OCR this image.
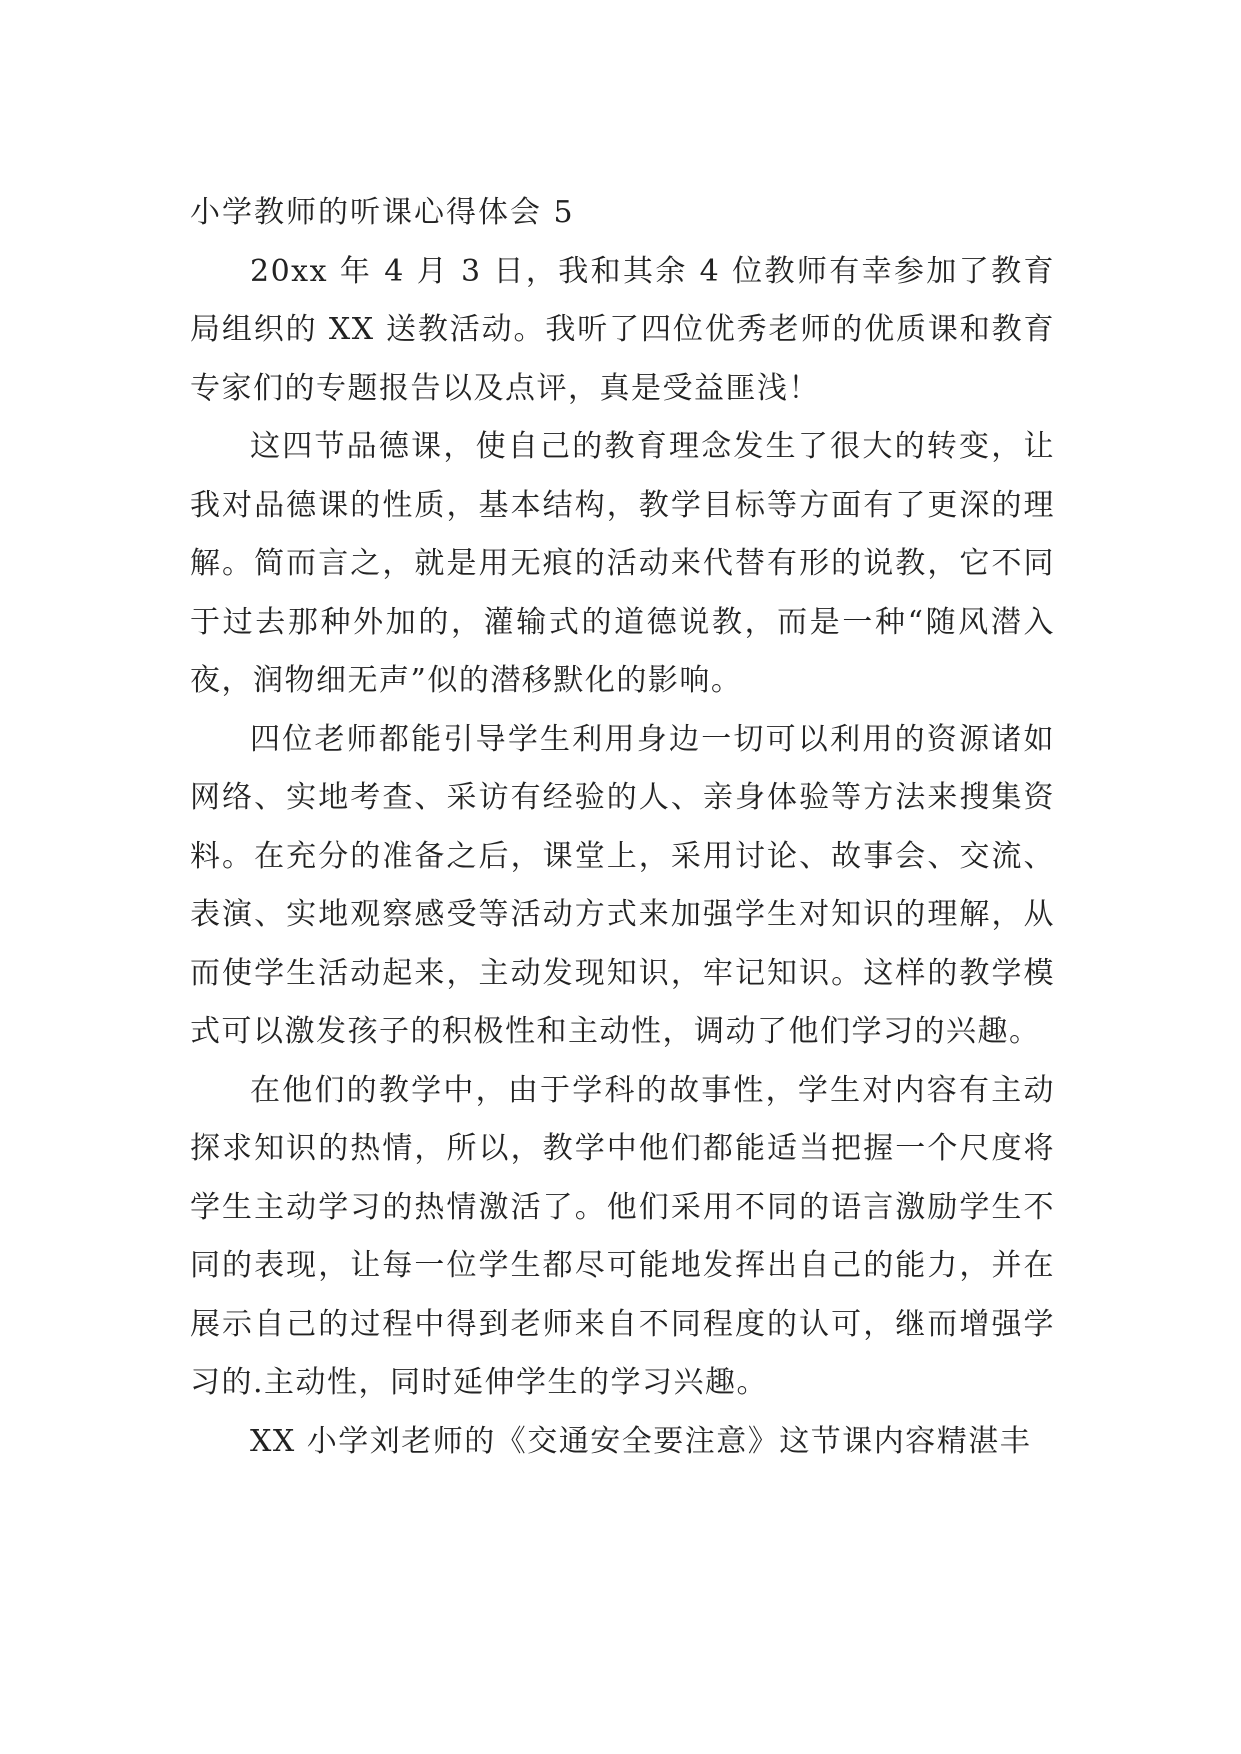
小学教师的听课心得体会 5

20xx 年 4 月 3 日，我和其余 4 位教师有幸参加了教育局组织的 XX 送教活动。我听了四位优秀老师的优质课和教育专家们的专题报告以及点评，真是受益匪浅！

这四节品德课，使自己的教育理念发生了很大的转变，让我对品德课的性质，基本结构，教学目标等方面有了更深的理解。简而言之，就是用无痕的活动来代替有形的说教，它不同于过去那种外加的，灌输式的道德说教，而是一种“随风潜入夜，润物细无声”似的潜移默化的影响。

四位老师都能引导学生利用身边一切可以利用的资源诸如网络、实地考查、采访有经验的人、亲身体验等方法来搜集资料。在充分的准备之后，课堂上，采用讨论、故事会、交流、表演、实地观察感受等活动方式来加强学生对知识的理解，从而使学生活动起来，主动发现知识，牢记知识。这样的教学模式可以激发孩子的积极性和主动性，调动了他们学习的兴趣。

在他们的教学中，由于学科的故事性，学生对内容有主动探求知识的热情，所以，教学中他们都能适当把握一个尺度将学生主动学习的热情激活了。他们采用不同的语言激励学生不同的表现，让每一位学生都尽可能地发挥出自己的能力，并在展示自己的过程中得到老师来自不同程度的认可，继而增强学习的.主动性，同时延伸学生的学习兴趣。

XX 小学刘老师的《交通安全要注意》这节课内容精湛丰
